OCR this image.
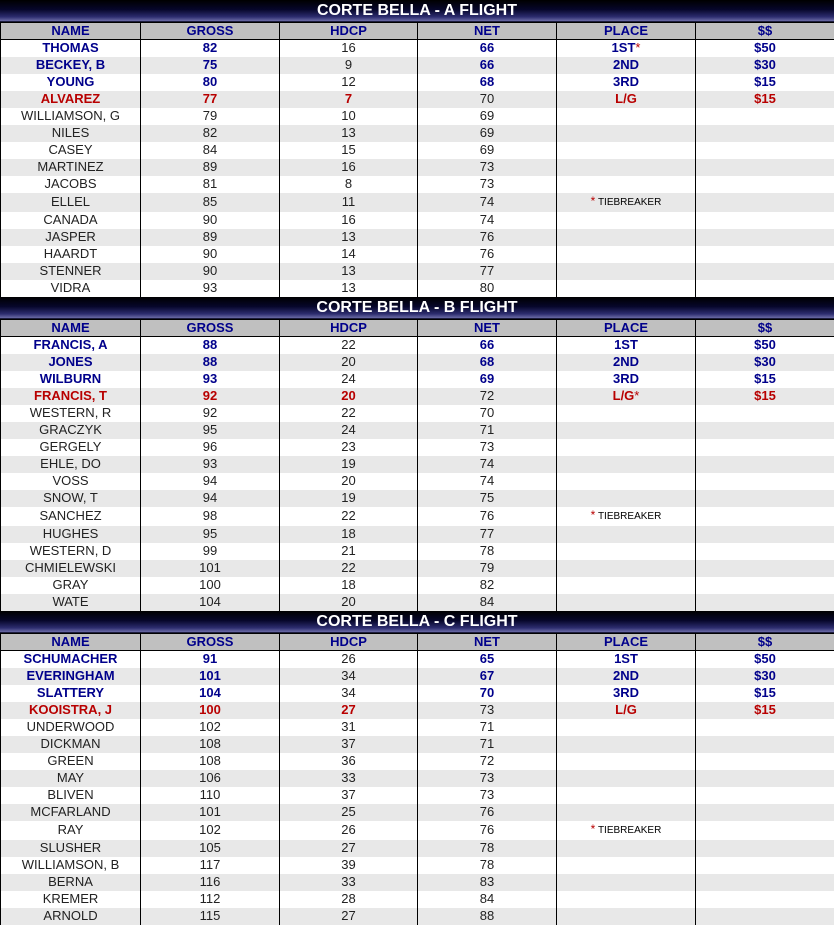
CORTE BELLA - A FLIGHT
NAME	GROSS	HDCP	NET	PLACE	$$
THOMAS	82	16	66	1ST*	$50
BECKEY, B	75	9	66	2ND	$30
YOUNG	80	12	68	3RD	$15
ALVAREZ	77	7	70	L/G	$15
WILLIAMSON, G	79	10	69		
NILES	82	13	69		
CASEY	84	15	69		
MARTINEZ	89	16	73		
JACOBS	81	8	73		
ELLEL	85	11	74	* TIEBREAKER	
CANADA	90	16	74		
JASPER	89	13	76		
HAARDT	90	14	76		
STENNER	90	13	77		
VIDRA	93	13	80		
CORTE BELLA - B FLIGHT
NAME	GROSS	HDCP	NET	PLACE	$$
FRANCIS, A	88	22	66	1ST	$50
JONES	88	20	68	2ND	$30
WILBURN	93	24	69	3RD	$15
FRANCIS, T	92	20	72	L/G*	$15
WESTERN, R	92	22	70		
GRACZYK	95	24	71		
GERGELY	96	23	73		
EHLE, DO	93	19	74		
VOSS	94	20	74		
SNOW, T	94	19	75		
SANCHEZ	98	22	76	* TIEBREAKER	
HUGHES	95	18	77		
WESTERN, D	99	21	78		
CHMIELEWSKI	101	22	79		
GRAY	100	18	82		
WATE	104	20	84		
CORTE BELLA - C FLIGHT
NAME	GROSS	HDCP	NET	PLACE	$$
SCHUMACHER	91	26	65	1ST	$50
EVERINGHAM	101	34	67	2ND	$30
SLATTERY	104	34	70	3RD	$15
KOOISTRA, J	100	27	73	L/G	$15
UNDERWOOD	102	31	71		
DICKMAN	108	37	71		
GREEN	108	36	72		
MAY	106	33	73		
BLIVEN	110	37	73		
MCFARLAND	101	25	76		
RAY	102	26	76	* TIEBREAKER	
SLUSHER	105	27	78		
WILLIAMSON, B	117	39	78		
BERNA	116	33	83		
KREMER	112	28	84		
ARNOLD	115	27	88		
